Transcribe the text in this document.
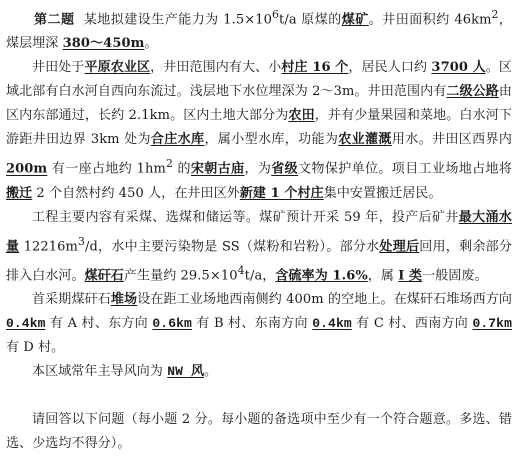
第二题 某地拟建设生产能力为 $1.5\times 10^6t/a$ 原煤的煤矿。井田面积约 $46km^2$，煤层埋深 380～450m。

井田处于平原农业区，井田范围内有大、小村庄 16 个，居民人口约 3700 人。区域北部有白水河自西向东流过。浅层地下水位埋深为 2～3m。井田范围内有二级公路由区内东部通过，长约 2.1km。区内土地大部分为农田，并有少量果园和菜地。白水河下游距井田边界 3km 处为合庄水库，属小型水库，功能为农业灌溉用水。井田区西界内 200m 有一座占地约 $1hm^2$ 的宋朝古庙，为省级文物保护单位。项目工业场地占地将搬迁 2 个自然村约 450 人，在井田区外新建 1 个村庄集中安置搬迁居民。

工程主要内容有采煤、选煤和储运等。煤矿预计开采 59 年，投产后矿井最大涌水量 $12216m^3/d$，水中主要污染物是 SS（煤粉和岩粉）。部分水处理后回用，剩余部分排入白水河。煤矸石产生量约 $29.5\times 10^4t/a$，含硫率为 1.6%，属 I 类一般固废。

首采期煤矸石堆场设在距工业场地西南侧约 400m 的空地上。在煤矸石堆场西方向 0.4km 有 A 村、东方向 0.6km 有 B 村、东南方向 0.4km 有 C 村、西南方向 0.7km 有 D 村。

本区域常年主导风向为 NW 风。

请回答以下问题（每小题 2 分。每小题的备选项中至少有一个符合题意。多选、错选、少选均不得分）。
